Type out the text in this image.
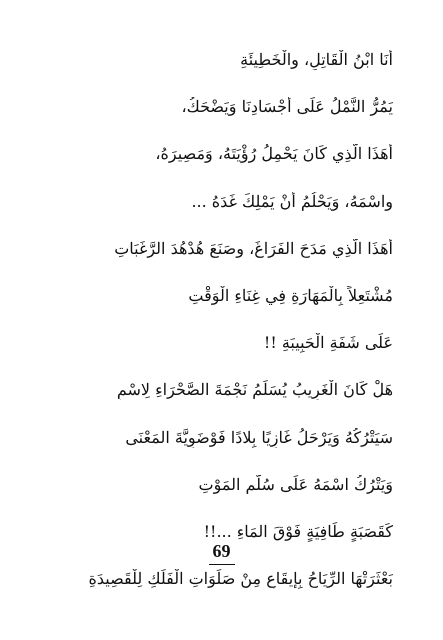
أَنَا ابْنُ الْقَاتِلِ، والْخَطِيئَةِ
يَمُرُّ النَّمْلُ عَلَى أَجْسَادِنَا وَيَضْحَكُ،
أَهَذَا الَّذِي كَانَ يَحْمِلُ رُؤْيَتَهُ، وَمَصِيرَهُ،
واسْمَهُ، وَيَحْلُمُ أَنْ يَمْلِكَ غَدَهُ ...
أَهَذَا الَّذِي مَدَحَ الفَرَاغَ، وصَنَعَ هُدْهُدَ الرَّغَبَاتِ
مُشْتَعِلاً بِالْمَهَارَةِ فِي غِنَاءِ الْوَقْتِ
عَلَى شَفَةِ الْحَبِيبَةِ !!
هَلْ كَانَ الْغَرِيبُ يُسَلِّمُ نَجْمَةَ الصَّحْرَاءِ لِاسْمٍ
سَيَتْرُكُهُ وَيَرْحَلُ غَازِيًا بِلادًا فَوْضَوِيَّةَ المَعْنَى
وَيَتْرُكُ اسْمَهُ عَلَى سُلَّمِ المَوْتِ
كَقَصَبَةٍ طَافِيَةٍ فَوْقَ المَاءِ ...!!
بَعْثَرَتْهَا الرِّيَاحُ بِإِيقَاعٍ مِنْ صَلَوَاتِ الْفَلَكِ لِلْقَصِيدَةِ
69
